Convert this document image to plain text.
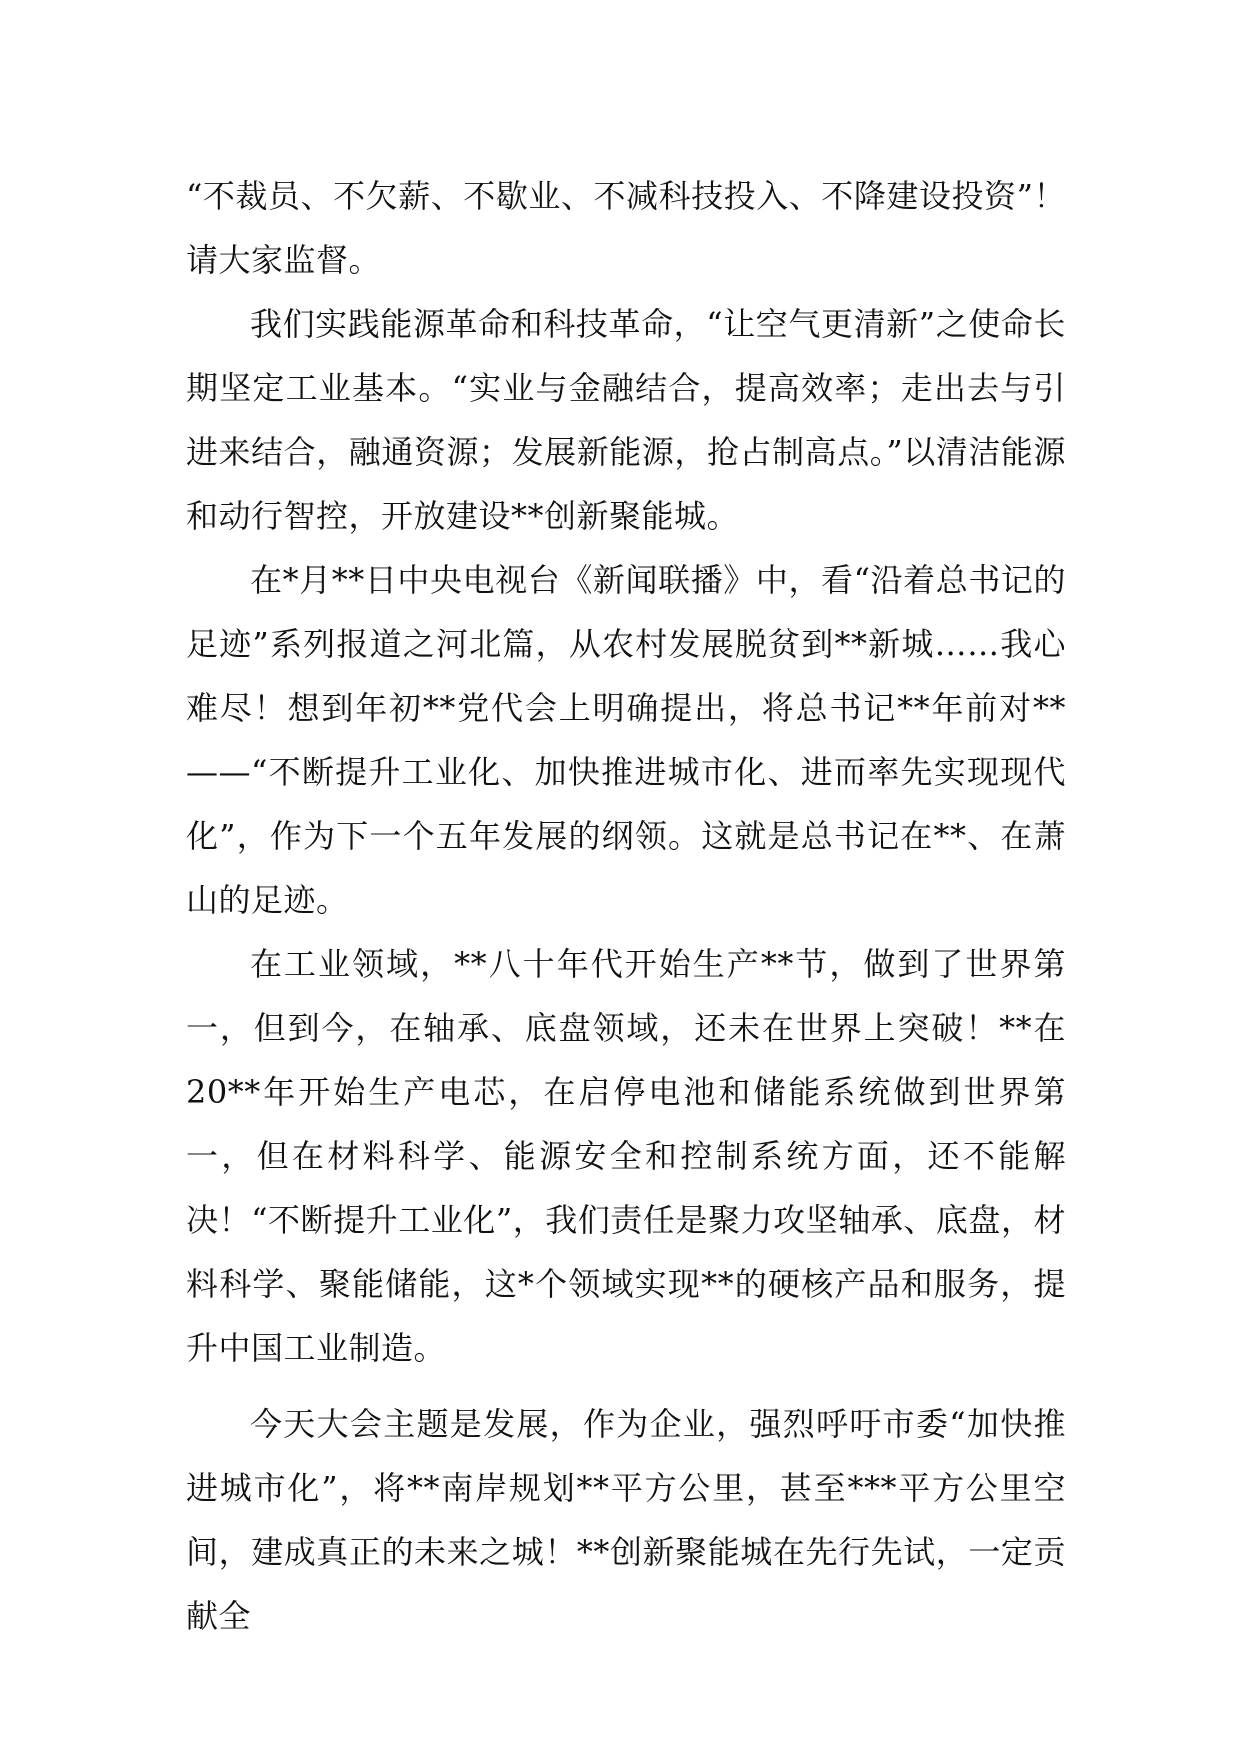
“不裁员、不欠薪、不歇业、不减科技投入、不降建设投资”！请大家监督。

我们实践能源革命和科技革命，“让空气更清新”之使命长期坚定工业基本。“实业与金融结合，提高效率；走出去与引进来结合，融通资源；发展新能源，抢占制高点。”以清洁能源和动行智控，开放建设**创新聚能城。

在*月**日中央电视台《新闻联播》中，看“沿着总书记的足迹”系列报道之河北篇，从农村发展脱贫到**新城……我心难尽！想到年初**党代会上明确提出，将总书记**年前对**——“不断提升工业化、加快推进城市化、进而率先实现现代化”，作为下一个五年发展的纲领。这就是总书记在**、在萧山的足迹。

在工业领域，**八十年代开始生产**节，做到了世界第一，但到今，在轴承、底盘领域，还未在世界上突破！**在20**年开始生产电芯，在启停电池和储能系统做到世界第一，但在材料科学、能源安全和控制系统方面，还不能解决！“不断提升工业化”，我们责任是聚力攻坚轴承、底盘，材料科学、聚能储能，这*个领域实现**的硬核产品和服务，提升中国工业制造。

今天大会主题是发展，作为企业，强烈呼吁市委“加快推进城市化”，将**南岸规划**平方公里，甚至***平方公里空间，建成真正的未来之城！**创新聚能城在先行先试，一定贡献全
